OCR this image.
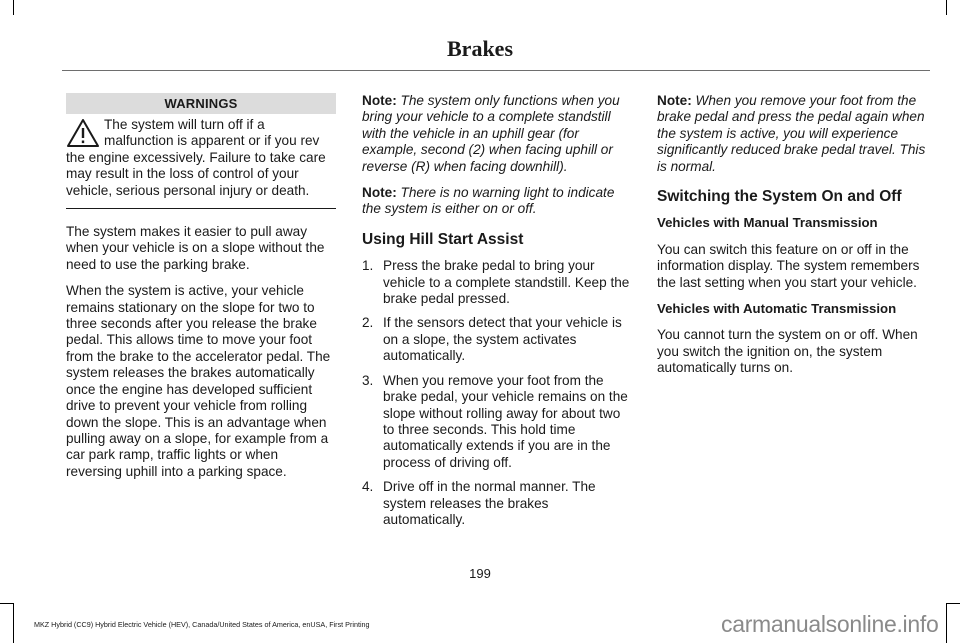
Brakes
WARNINGS
The system will turn off if a malfunction is apparent or if you rev the engine excessively. Failure to take care may result in the loss of control of your vehicle, serious personal injury or death.

The system makes it easier to pull away when your vehicle is on a slope without the need to use the parking brake.

When the system is active, your vehicle remains stationary on the slope for two to three seconds after you release the brake pedal. This allows time to move your foot from the brake to the accelerator pedal. The system releases the brakes automatically once the engine has developed sufficient drive to prevent your vehicle from rolling down the slope. This is an advantage when pulling away on a slope, for example from a car park ramp, traffic lights or when reversing uphill into a parking space.

Note: The system only functions when you bring your vehicle to a complete standstill with the vehicle in an uphill gear (for example, second (2) when facing uphill or reverse (R) when facing downhill).

Note: There is no warning light to indicate the system is either on or off.

Using Hill Start Assist
1. Press the brake pedal to bring your vehicle to a complete standstill. Keep the brake pedal pressed.
2. If the sensors detect that your vehicle is on a slope, the system activates automatically.
3. When you remove your foot from the brake pedal, your vehicle remains on the slope without rolling away for about two to three seconds. This hold time automatically extends if you are in the process of driving off.
4. Drive off in the normal manner. The system releases the brakes automatically.

Note: When you remove your foot from the brake pedal and press the pedal again when the system is active, you will experience significantly reduced brake pedal travel. This is normal.

Switching the System On and Off
Vehicles with Manual Transmission

You can switch this feature on or off in the information display. The system remembers the last setting when you start your vehicle.

Vehicles with Automatic Transmission

You cannot turn the system on or off. When you switch the ignition on, the system automatically turns on.

199
MKZ Hybrid (CC9) Hybrid Electric Vehicle (HEV), Canada/United States of America, enUSA, First Printing	carmanualsonline.info
